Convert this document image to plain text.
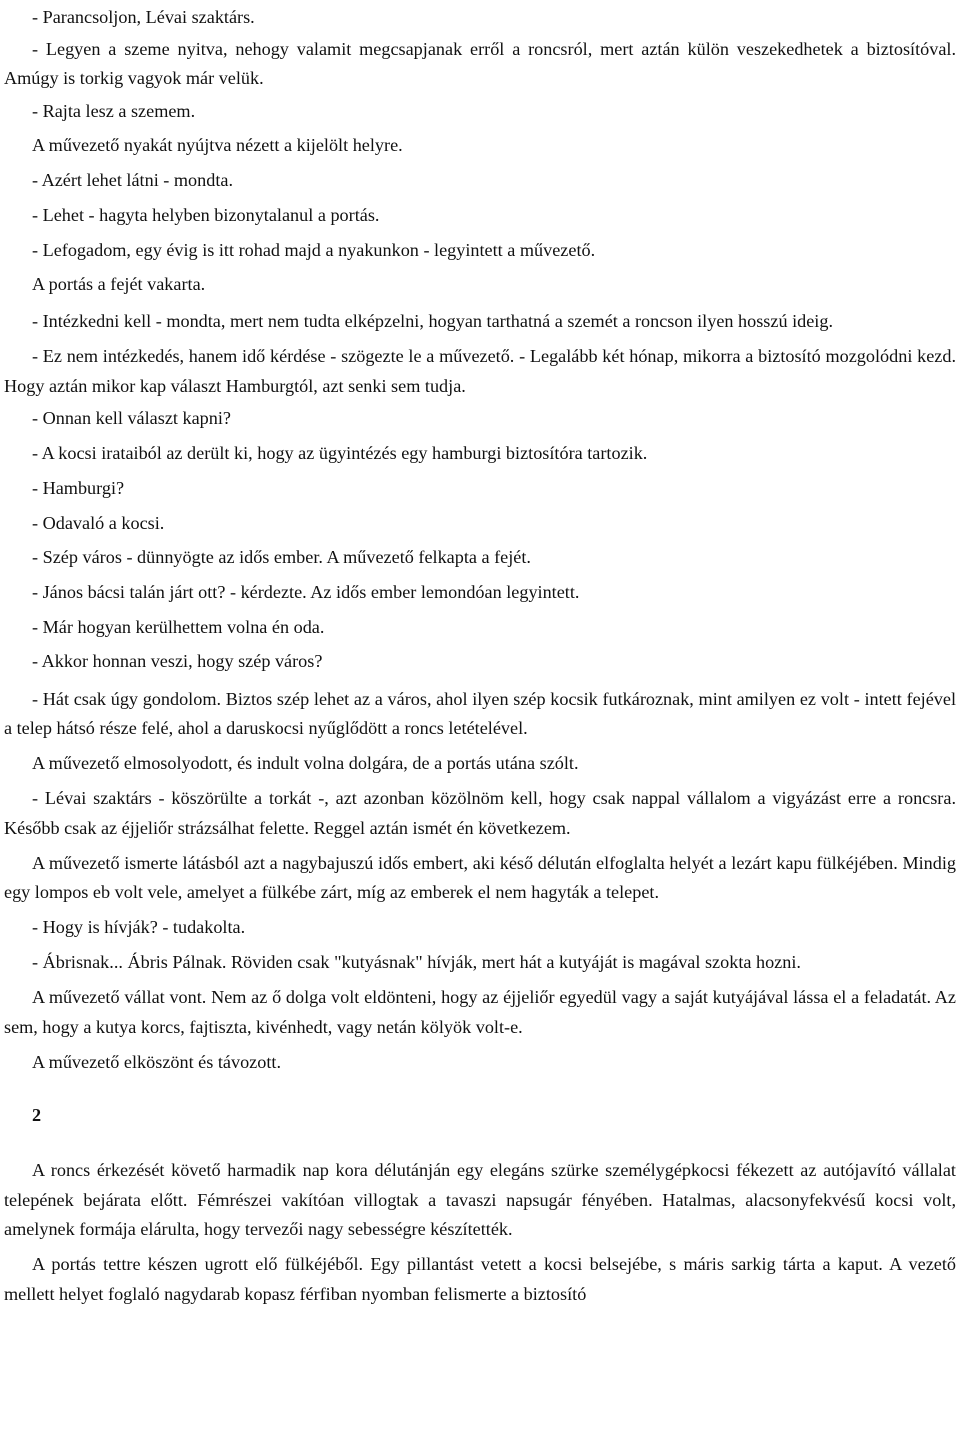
- Parancsoljon, Lévai szaktárs.

- Legyen a szeme nyitva, nehogy valamit megcsapjanak erről a roncsról, mert aztán külön veszekedhetek a biztosítóval. Amúgy is torkig vagyok már velük.

- Rajta lesz a szemem.

A művezető nyakát nyújtva nézett a kijelölt helyre.

- Azért lehet látni - mondta.

- Lehet - hagyta helyben bizonytalanul a portás.

- Lefogadom, egy évig is itt rohad majd a nyakunkon - legyintett a művezető.

A portás a fejét vakarta.

- Intézkedni kell - mondta, mert nem tudta elképzelni, hogyan tarthatná a szemét a roncson ilyen hosszú ideig.

- Ez nem intézkedés, hanem idő kérdése - szögezte le a művezető. - Legalább két hónap, mikorra a biztosító mozgolódni kezd. Hogy aztán mikor kap választ Hamburgtól, azt senki sem tudja.

- Onnan kell választ kapni?

- A kocsi irataiból az derült ki, hogy az ügyintézés egy hamburgi biztosítóra tartozik.

- Hamburgi?

- Odavaló a kocsi.

- Szép város - dünnyögte az idős ember. A művezető felkapta a fejét.

- János bácsi talán járt ott? - kérdezte. Az idős ember lemondóan legyintett.

- Már hogyan kerülhettem volna én oda.

- Akkor honnan veszi, hogy szép város?

- Hát csak úgy gondolom. Biztos szép lehet az a város, ahol ilyen szép kocsik futkároznak, mint amilyen ez volt - intett fejével a telep hátsó része felé, ahol a daruskocsi nyűglődött a roncs letételével.

A művezető elmosolyodott, és indult volna dolgára, de a portás utána szólt.

- Lévai szaktárs - köszörülte a torkát -, azt azonban közölnöm kell, hogy csak nappal vállalom a vigyázást erre a roncsra. Később csak az éjjeliőr strázsálhat felette. Reggel aztán ismét én következem.

A művezető ismerte látásból azt a nagybajuszú idős embert, aki késő délután elfoglalta helyét a lezárt kapu fülkéjében. Mindig egy lompos eb volt vele, amelyet a fülkébe zárt, míg az emberek el nem hagyták a telepet.

- Hogy is hívják? - tudakolta.

- Ábrisnak... Ábris Pálnak. Röviden csak "kutyásnak" hívják, mert hát a kutyáját is magával szokta hozni.

A művezető vállat vont. Nem az ő dolga volt eldönteni, hogy az éjjeliőr egyedül vagy a saját kutyájával lássa el a feladatát. Az sem, hogy a kutya korcs, fajtiszta, kivénhedt, vagy netán kölyök volt-e.

A művezető elköszönt és távozott.

2

A roncs érkezését követő harmadik nap kora délutánján egy elegáns szürke személygépkocsi fékezett az autójavító vállalat telepének bejárata előtt. Fémrészei vakítóan villogtak a tavaszi napsugár fényében. Hatalmas, alacsonyfekvésű kocsi volt, amelynek formája elárulta, hogy tervezői nagy sebességre készítették.

A portás tettre készen ugrott elő fülkéjéből. Egy pillantást vetett a kocsi belsejébe, s máris sarkig tárta a kaput. A vezető mellett helyet foglaló nagydarab kopasz férfiban nyomban felismerte a biztosító
